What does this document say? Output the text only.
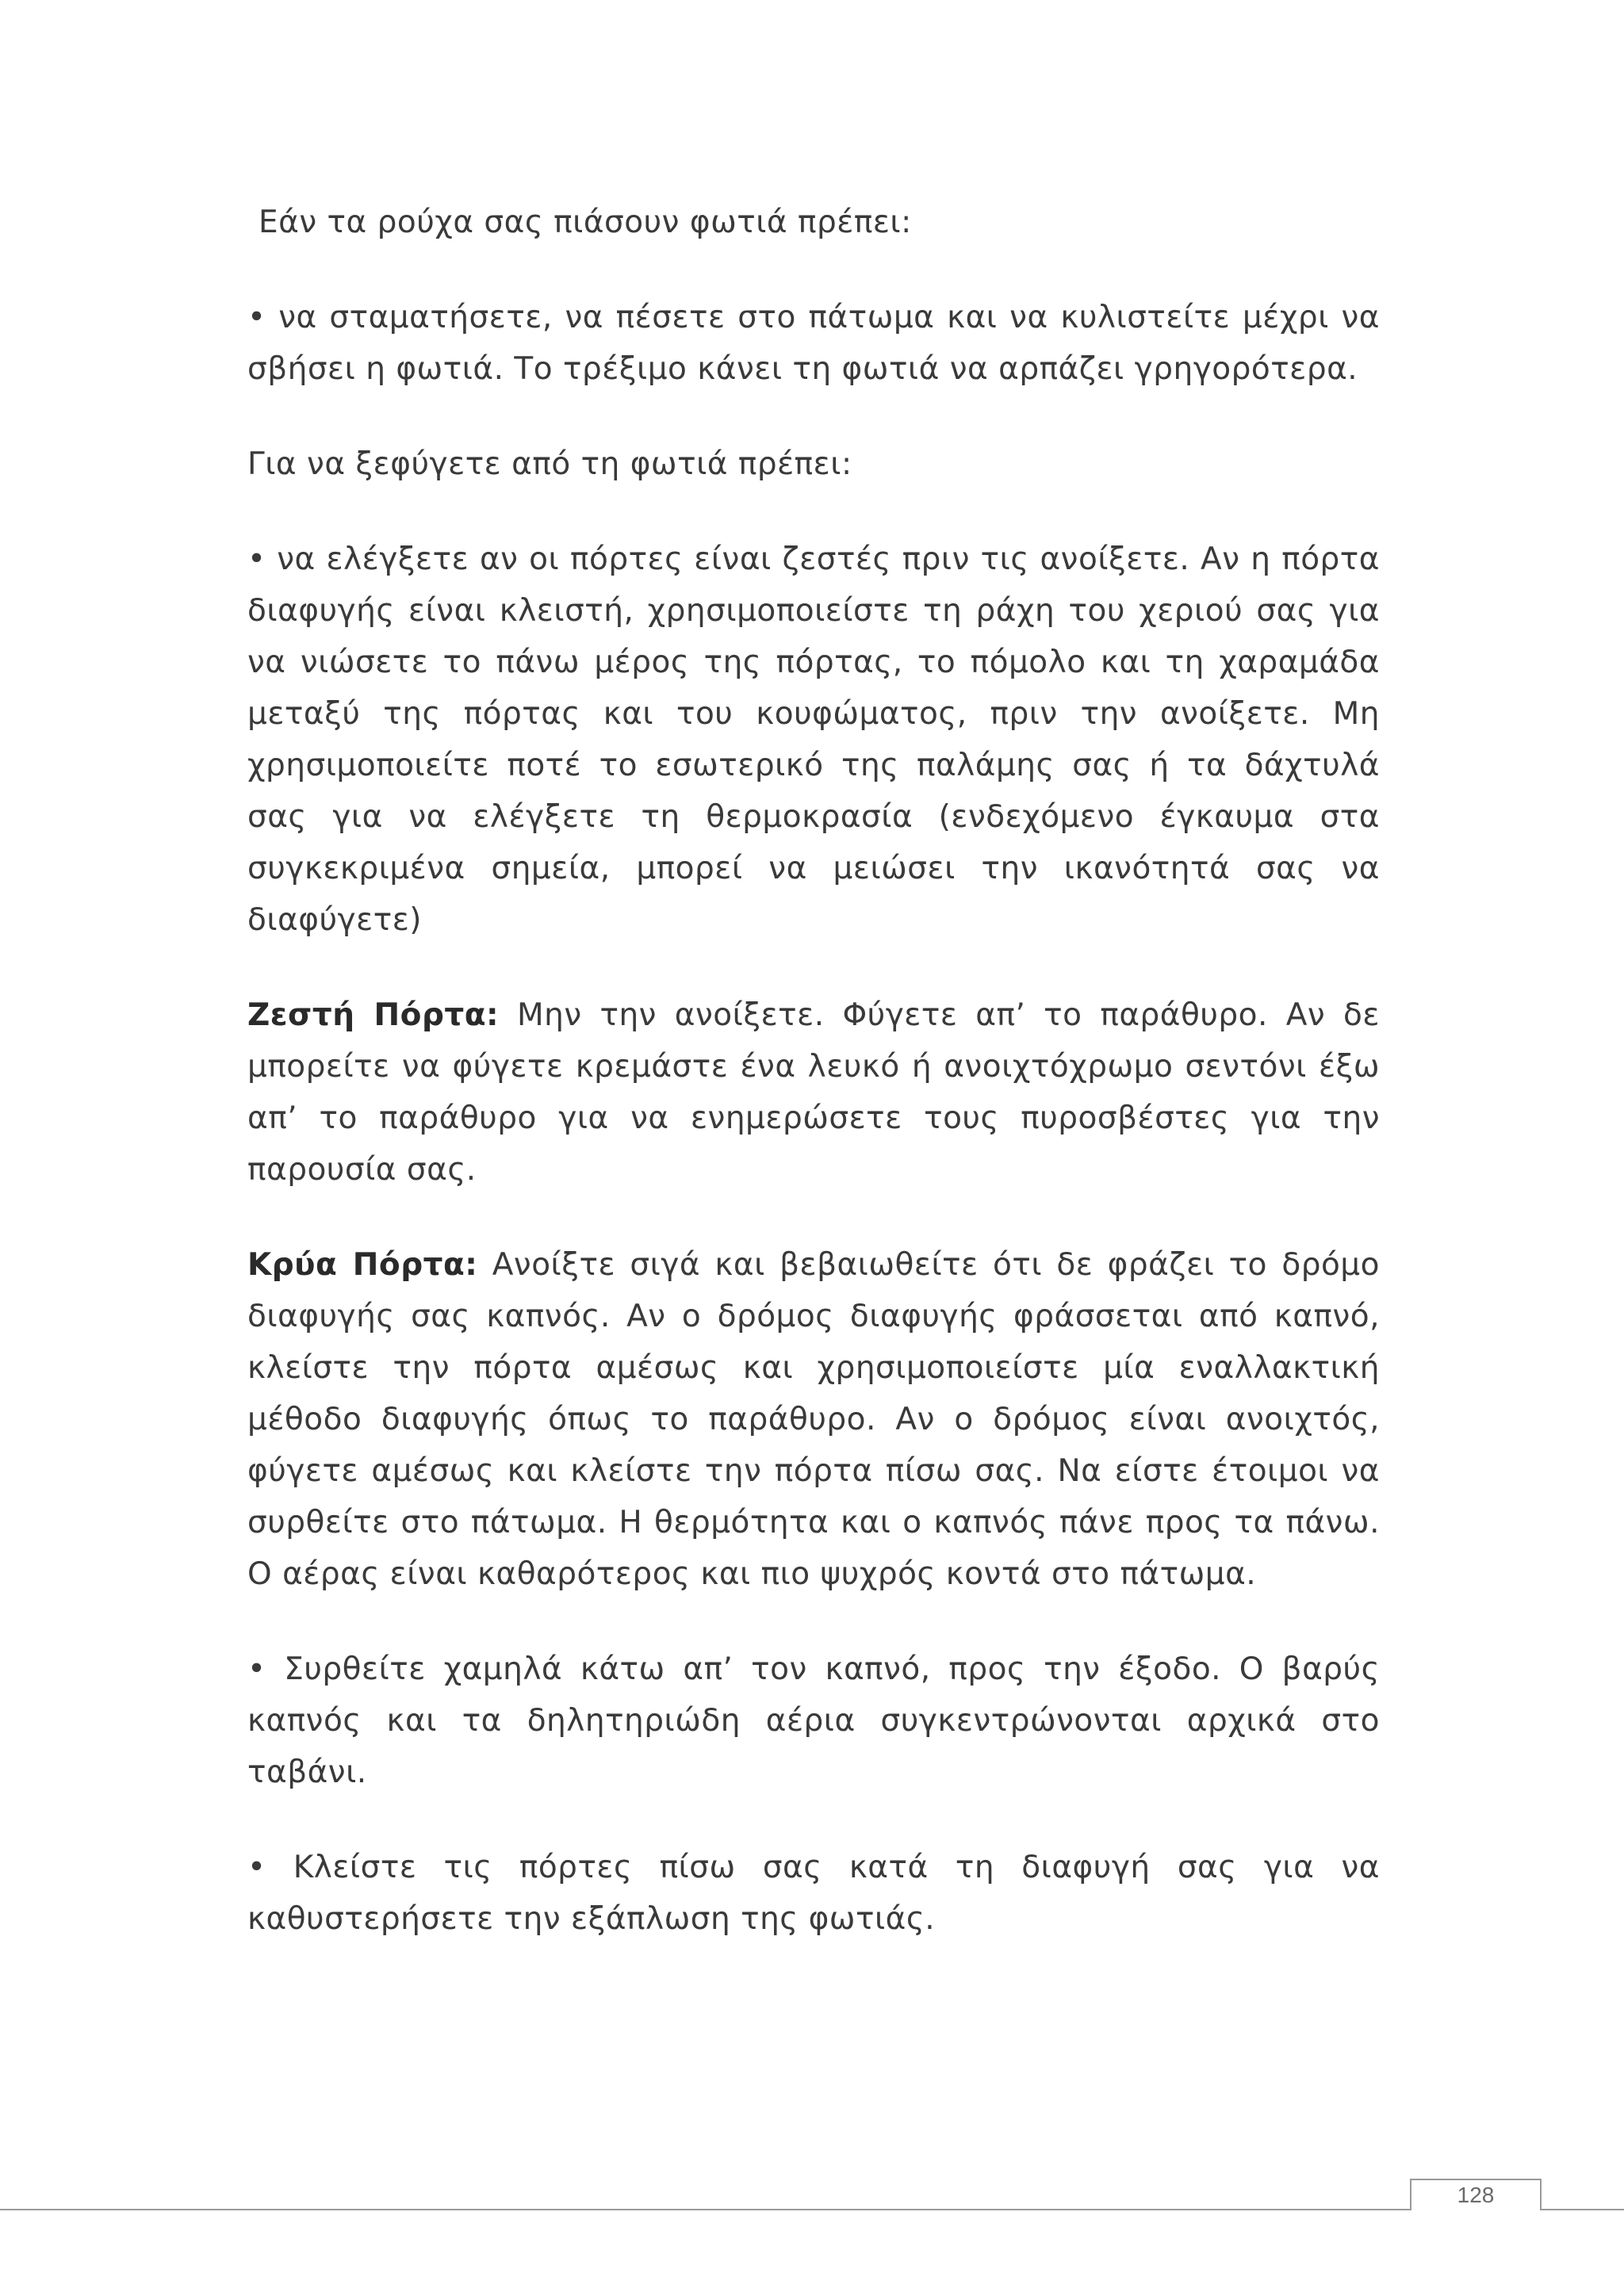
Εάν τα ρούχα σας πιάσουν φωτιά πρέπει:

• να σταματήσετε, να πέσετε στο πάτωμα και να κυλιστείτε μέχρι να σβήσει η φωτιά. Το τρέξιμο κάνει τη φωτιά να αρπάζει γρηγορότερα.

Για να ξεφύγετε από τη φωτιά πρέπει:

• να ελέγξετε αν οι πόρτες είναι ζεστές πριν τις ανοίξετε. Αν η πόρτα διαφυγής είναι κλειστή, χρησιμοποιείστε τη ράχη του χεριού σας για να νιώσετε το πάνω μέρος της πόρτας, το πόμολο και τη χαραμάδα μεταξύ της πόρτας και του κουφώματος, πριν την ανοίξετε. Μη χρησιμοποιείτε ποτέ το εσωτερικό της παλάμης σας ή τα δάχτυλά σας για να ελέγξετε τη θερμοκρασία (ενδεχόμενο έγκαυμα στα συγκεκριμένα σημεία, μπορεί να μειώσει την ικανότητά σας να διαφύγετε)

Ζεστή Πόρτα: Μην την ανοίξετε. Φύγετε απ’ το παράθυρο. Αν δε μπορείτε να φύγετε κρεμάστε ένα λευκό ή ανοιχτόχρωμο σεντόνι έξω απ’ το παράθυρο για να ενημερώσετε τους πυροσβέστες για την παρουσία σας.

Κρύα Πόρτα: Ανοίξτε σιγά και βεβαιωθείτε ότι δε φράζει το δρόμο διαφυγής σας καπνός. Αν ο δρόμος διαφυγής φράσσεται από καπνό, κλείστε την πόρτα αμέσως και χρησιμοποιείστε μία εναλλακτική μέθοδο διαφυγής όπως το παράθυρο. Αν ο δρόμος είναι ανοιχτός, φύγετε αμέσως και κλείστε την πόρτα πίσω σας. Να είστε έτοιμοι να συρθείτε στο πάτωμα. Η θερμότητα και ο καπνός πάνε προς τα πάνω. Ο αέρας είναι καθαρότερος και πιο ψυχρός κοντά στο πάτωμα.

• Συρθείτε χαμηλά κάτω απ’ τον καπνό, προς την έξοδο. Ο βαρύς καπνός και τα δηλητηριώδη αέρια συγκεντρώνονται αρχικά στο ταβάνι.

• Κλείστε τις πόρτες πίσω σας κατά τη διαφυγή σας για να καθυστερήσετε την εξάπλωση της φωτιάς.

128
